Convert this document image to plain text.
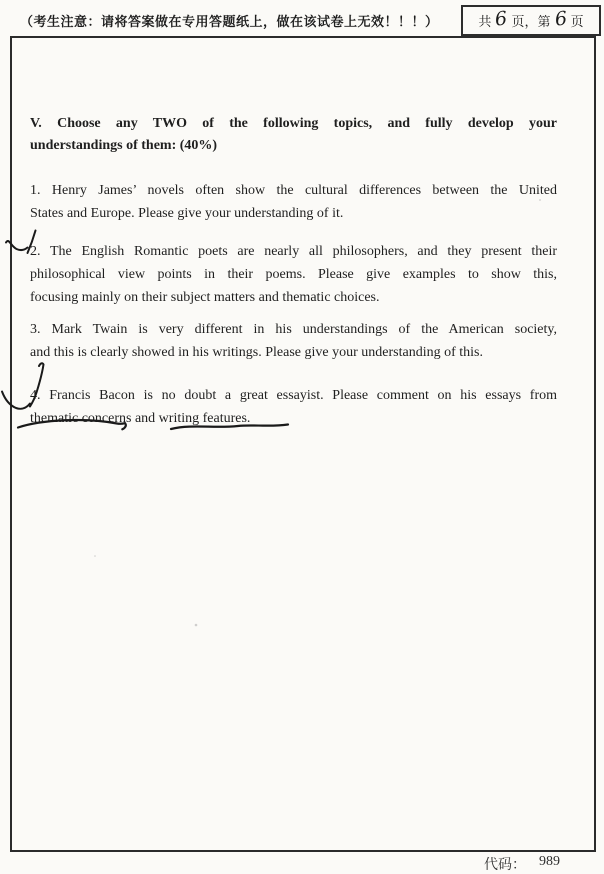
（考生注意：请将答案做在专用答题纸上，做在该试卷上无效！！！）	共 6 页，第 6 页
V. Choose any TWO of the following topics, and fully develop your
understandings of them: (40%)
1. Henry James’ novels often show the cultural differences between the United
States and Europe. Please give your understanding of it.
2. The English Romantic poets are nearly all philosophers, and they present their
philosophical view points in their poems. Please give examples to show this,
focusing mainly on their subject matters and thematic choices.
3. Mark Twain is very different in his understandings of the American society,
and this is clearly showed in his writings. Please give your understanding of this.
4. Francis Bacon is no doubt a great essayist. Please comment on his essays from
thematic concerns and writing features.
代码： 989
